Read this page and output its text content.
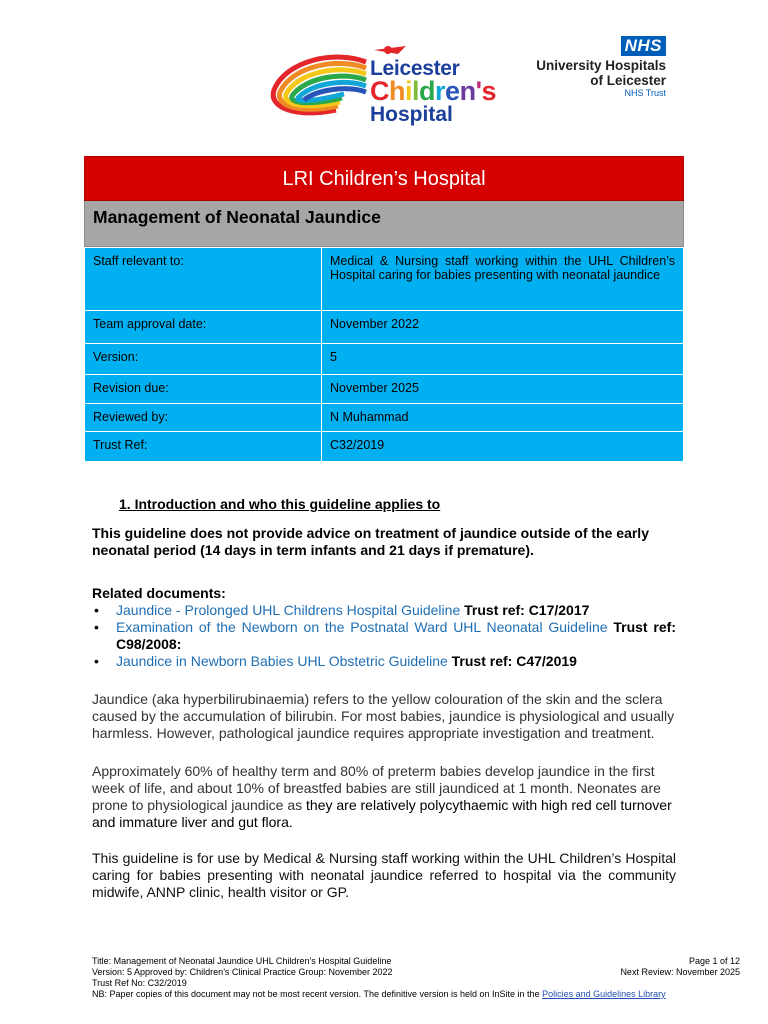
Leicester
Children's
Hospital
NHS
University Hospitals
of Leicester
NHS Trust
LRI Children’s Hospital
Management of Neonatal Jaundice
Staff relevant to:	Medical & Nursing staff working within the UHL Children’s Hospital caring for babies presenting with neonatal jaundice
Team approval date:	November 2022
Version:	5
Revision due:	November 2025
Reviewed by:	N Muhammad
Trust Ref:	C32/2019
1. Introduction and who this guideline applies to

This guideline does not provide advice on treatment of jaundice outside of the early neonatal period (14 days in term infants and 21 days if premature).

Related documents:

• Jaundice - Prolonged UHL Childrens Hospital Guideline Trust ref: C17/2017
• Examination of the Newborn on the Postnatal Ward UHL Neonatal Guideline Trust ref: C98/2008:
• Jaundice in Newborn Babies UHL Obstetric Guideline Trust ref: C47/2019

Jaundice (aka hyperbilirubinaemia) refers to the yellow colouration of the skin and the sclera caused by the accumulation of bilirubin. For most babies, jaundice is physiological and usually harmless. However, pathological jaundice requires appropriate investigation and treatment.

Approximately 60% of healthy term and 80% of preterm babies develop jaundice in the first week of life, and about 10% of breastfed babies are still jaundiced at 1 month. Neonates are prone to physiological jaundice as they are relatively polycythaemic with high red cell turnover and immature liver and gut flora.

This guideline is for use by Medical & Nursing staff working within the UHL Children’s Hospital caring for babies presenting with neonatal jaundice referred to hospital via the community midwife, ANNP clinic, health visitor or GP.

Title: Management of Neonatal Jaundice UHL Children’s Hospital Guideline	Page 1 of 12
Version: 5 Approved by: Children’s Clinical Practice Group: November 2022	Next Review: November 2025
Trust Ref No: C32/2019
NB: Paper copies of this document may not be most recent version. The definitive version is held on InSite in the Policies and Guidelines Library
